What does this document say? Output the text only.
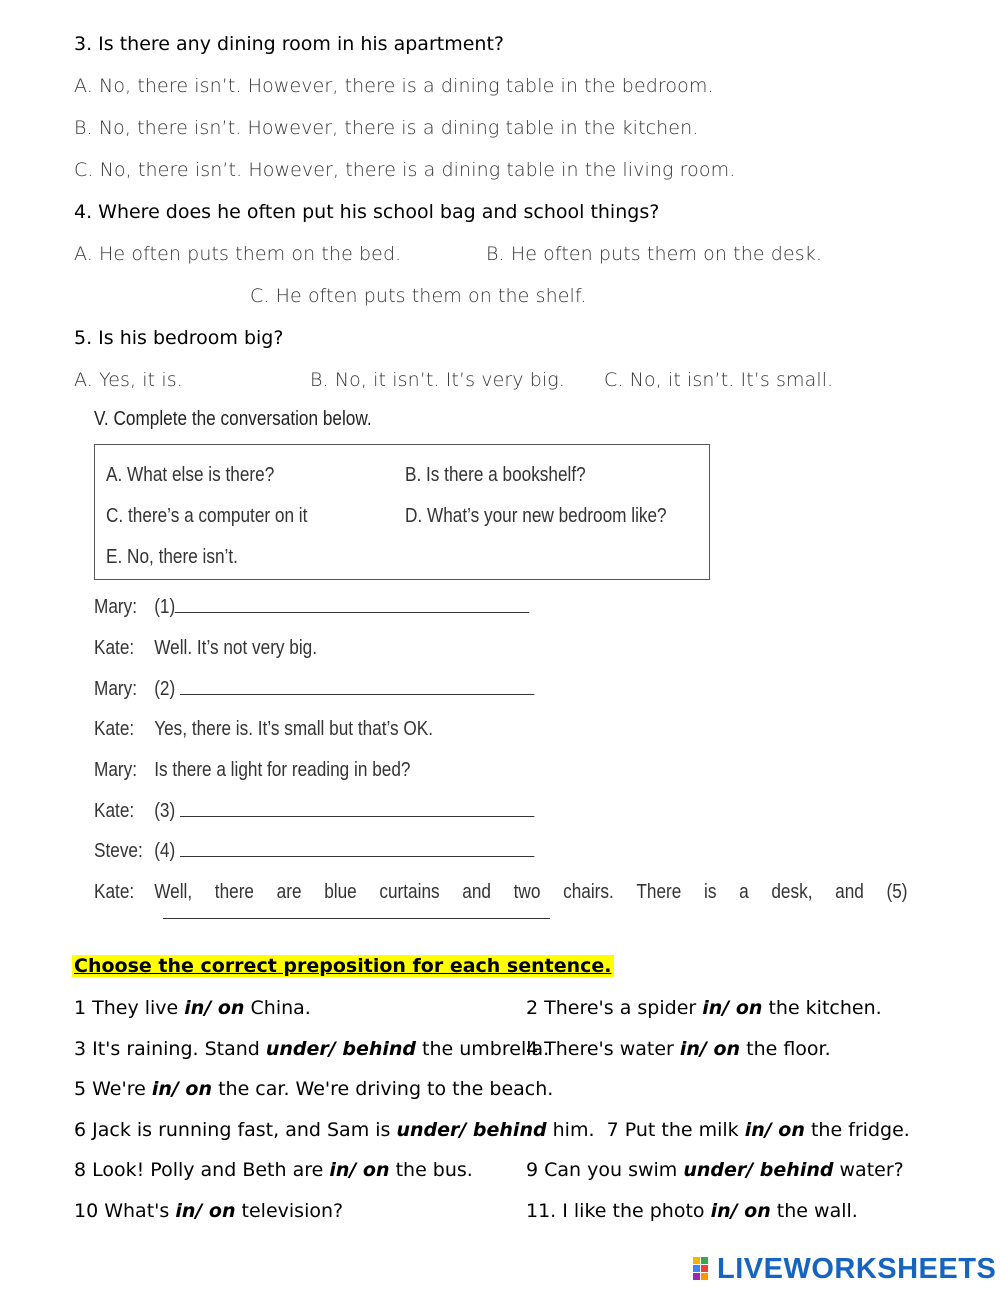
3. Is there any dining room in his apartment?
A. No, there isn’t. However, there is a dining table in the bedroom.
B. No, there isn’t. However, there is a dining table in the kitchen.
C. No, there isn’t. However, there is a dining table in the living room.
4. Where does he often put his school bag and school things?
A. He often puts them on the bed.	B. He often puts them on the desk.
C. He often puts them on the shelf.
5. Is his bedroom big?
A. Yes, it is.	B. No, it isn’t. It’s very big. C. No, it isn’t. It’s small.
V. Complete the conversation below.
A. What else is there?	B. Is there a bookshelf?
C. there’s a computer on it	D. What’s your new bedroom like?
E. No, there isn’t.
Mary: (1)
Kate: Well. It’s not very big.
Mary: (2)
Kate: Yes, there is. It’s small but that’s OK.
Mary: Is there a light for reading in bed?
Kate: (3)
Steve: (4)
Kate: Well, there are blue curtains and two chairs. There is a desk, and (5)
Choose the correct preposition for each sentence.
1 They live in/ on China.	2 There's a spider in/ on the kitchen.
3 It's raining. Stand under/ behind the umbrella.
4 There's water in/ on the floor.
5 We're in/ on the car. We're driving to the beach.
6 Jack is running fast, and Sam is under/ behind him. 7 Put the milk in/ on the fridge.
8 Look! Polly and Beth are in/ on the bus.	9 Can you swim under/ behind water?
10 What's in/ on television?	11. I like the photo in/ on the wall.
LIVEWORKSHEETS
